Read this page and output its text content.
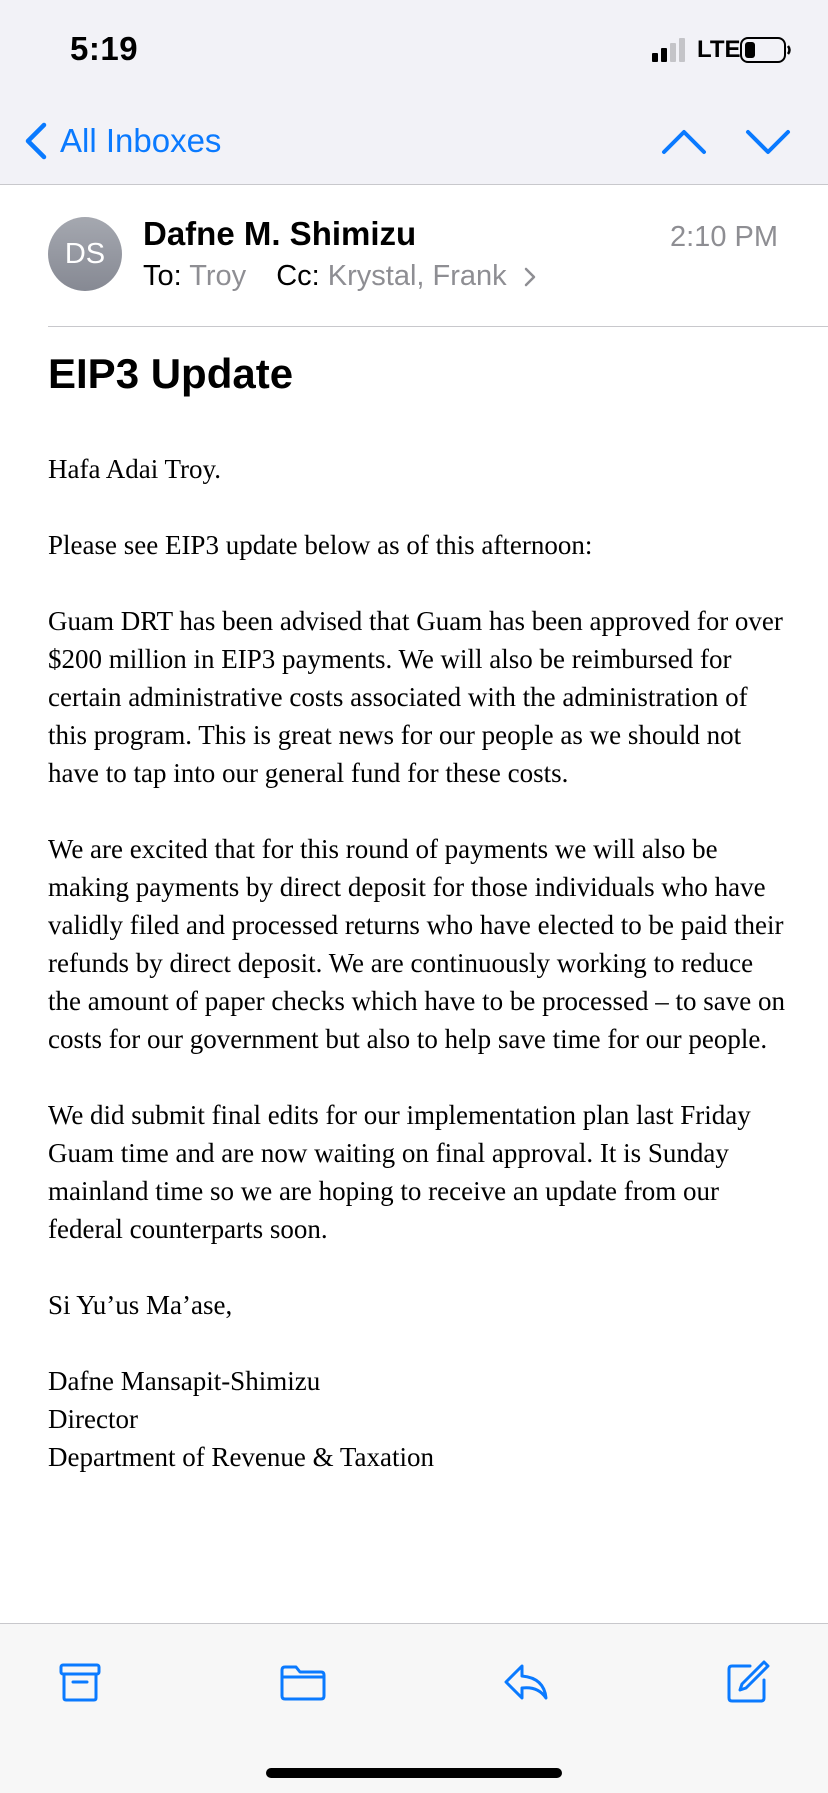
5:19	LTE
All Inboxes
DS
Dafne M. Shimizu	2:10 PM
To: Troy Cc: Krystal, Frank
EIP3 Update

Hafa Adai Troy.

Please see EIP3 update below as of this afternoon:

Guam DRT has been advised that Guam has been approved for over $200 million in EIP3 payments. We will also be reimbursed for certain administrative costs associated with the administration of this program. This is great news for our people as we should not have to tap into our general fund for these costs.

We are excited that for this round of payments we will also be making payments by direct deposit for those individuals who have validly filed and processed returns who have elected to be paid their refunds by direct deposit. We are continuously working to reduce the amount of paper checks which have to be processed – to save on costs for our government but also to help save time for our people.

We did submit final edits for our implementation plan last Friday Guam time and are now waiting on final approval. It is Sunday mainland time so we are hoping to receive an update from our federal counterparts soon.

Si Yu’us Ma’ase,

Dafne Mansapit-Shimizu
Director
Department of Revenue & Taxation
